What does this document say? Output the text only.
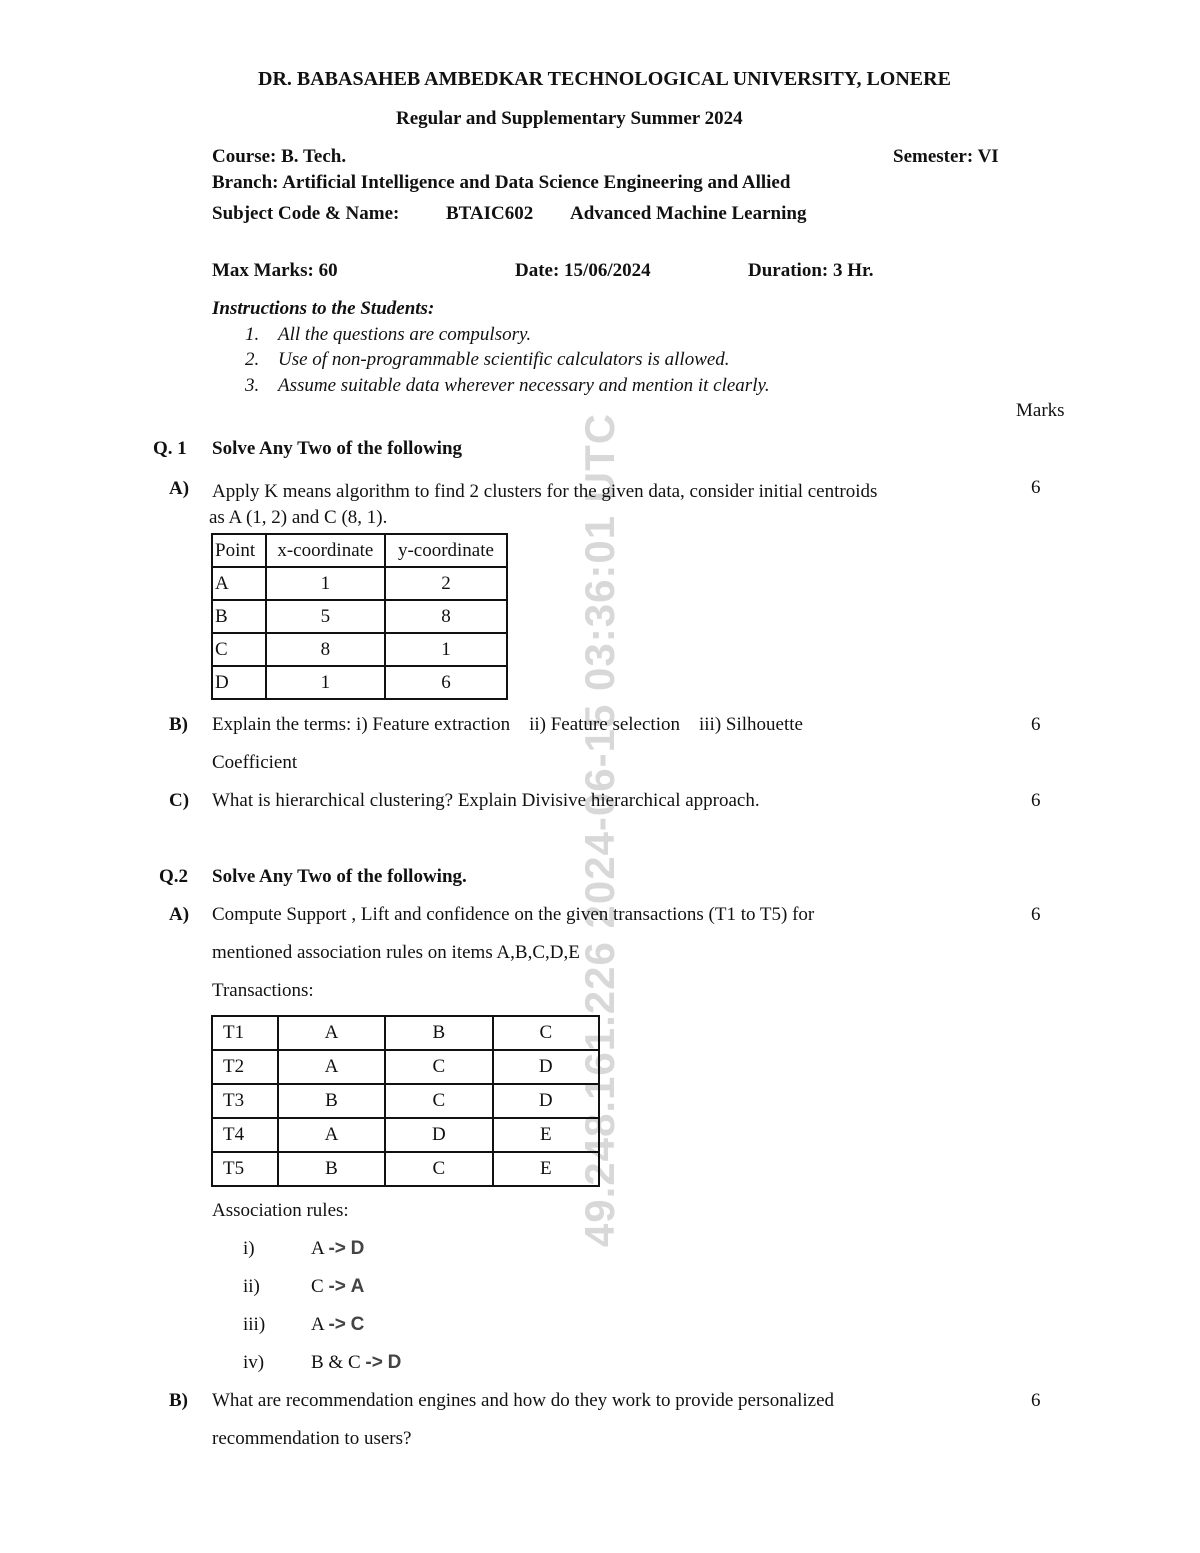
49.248.161.226 2024-06-15 03:36:01 UTC
DR. BABASAHEB AMBEDKAR TECHNOLOGICAL UNIVERSITY, LONERE
Regular and Supplementary Summer 2024
Course: B. Tech.	Semester: VI
Branch: Artificial Intelligence and Data Science Engineering and Allied
Subject Code & Name: BTAIC602 Advanced Machine Learning
Max Marks: 60	Date: 15/06/2024	Duration: 3 Hr.
Instructions to the Students:
1. All the questions are compulsory.
2. Use of non-programmable scientific calculators is allowed.
3. Assume suitable data wherever necessary and mention it clearly.
Marks
Q. 1 Solve Any Two of the following
A) Apply K means algorithm to find 2 clusters for the given data, consider initial centroids
as A (1, 2) and C (8, 1).
6
Point	x-coordinate	y-coordinate
A	1	2
B	5	8
C	8	1
D	1	6
B) Explain the terms: i) Feature extraction    ii) Feature selection    iii) Silhouette
Coefficient
6
C) What is hierarchical clustering? Explain Divisive hierarchical approach.	6
Q.2 Solve Any Two of the following.
A) Compute Support , Lift and confidence on the given transactions (T1 to T5) for
mentioned association rules on items A,B,C,D,E
Transactions:
6
T1	A	B	C
T2	A	C	D
T3	B	C	D
T4	A	D	E
T5	B	C	E
Association rules:
i)	A -> D
ii)	C -> A
iii) A -> C
iv) B & C -> D
B) What are recommendation engines and how do they work to provide personalized
recommendation to users?
6
